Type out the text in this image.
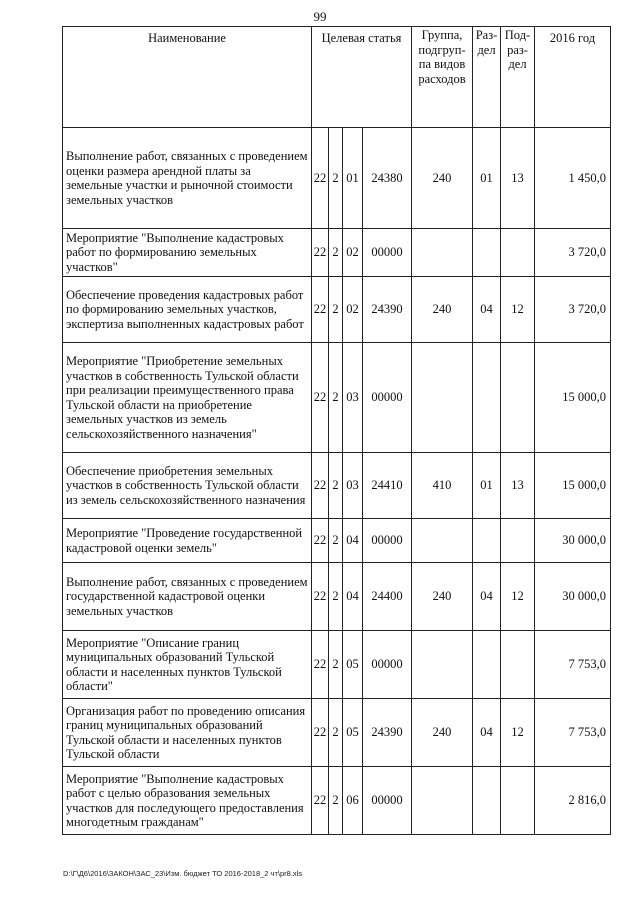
99
Наименование	Целевая статья				Группа, подгруп-па видов расходов	Раз-дел	Под-раз-дел	2016 год
Выполнение работ, связанных с проведением оценки размера арендной платы за земельные участки и рыночной стоимости земельных участков	22	2	01	24380	240	01	13	1 450,0
Мероприятие "Выполнение кадастровых работ по формированию земельных участков"	22	2	02	00000				3 720,0
Обеспечение проведения кадастровых работ по формированию земельных участков, экспертиза выполненных кадастровых работ	22	2	02	24390	240	04	12	3 720,0
Мероприятие "Приобретение земельных участков в собственность Тульской области при реализации преимущественного права Тульской области на приобретение земельных участков из земель сельскохозяйственного назначения"	22	2	03	00000				15 000,0
Обеспечение приобретения земельных участков в собственность Тульской области из земель сельскохозяйственного назначения	22	2	03	24410	410	01	13	15 000,0
Мероприятие "Проведение государственной кадастровой оценки земель"	22	2	04	00000				30 000,0
Выполнение работ, связанных с проведением государственной кадастровой оценки земельных участков	22	2	04	24400	240	04	12	30 000,0
Мероприятие "Описание границ муниципальных образований Тульской области и населенных пунктов Тульской области"	22	2	05	00000				7 753,0
Организация работ по проведению описания границ муниципальных образований Тульской области и населенных пунктов Тульской области	22	2	05	24390	240	04	12	7 753,0
Мероприятие "Выполнение кадастровых работ с целью образования земельных участков для последующего предоставления многодетным гражданам"	22	2	06	00000				2 816,0
D:\Г\Д6\2016\ЗАКОН\ЗАС_23\Изм. бюджет ТО 2016-2018_2 чт\pr8.xls
